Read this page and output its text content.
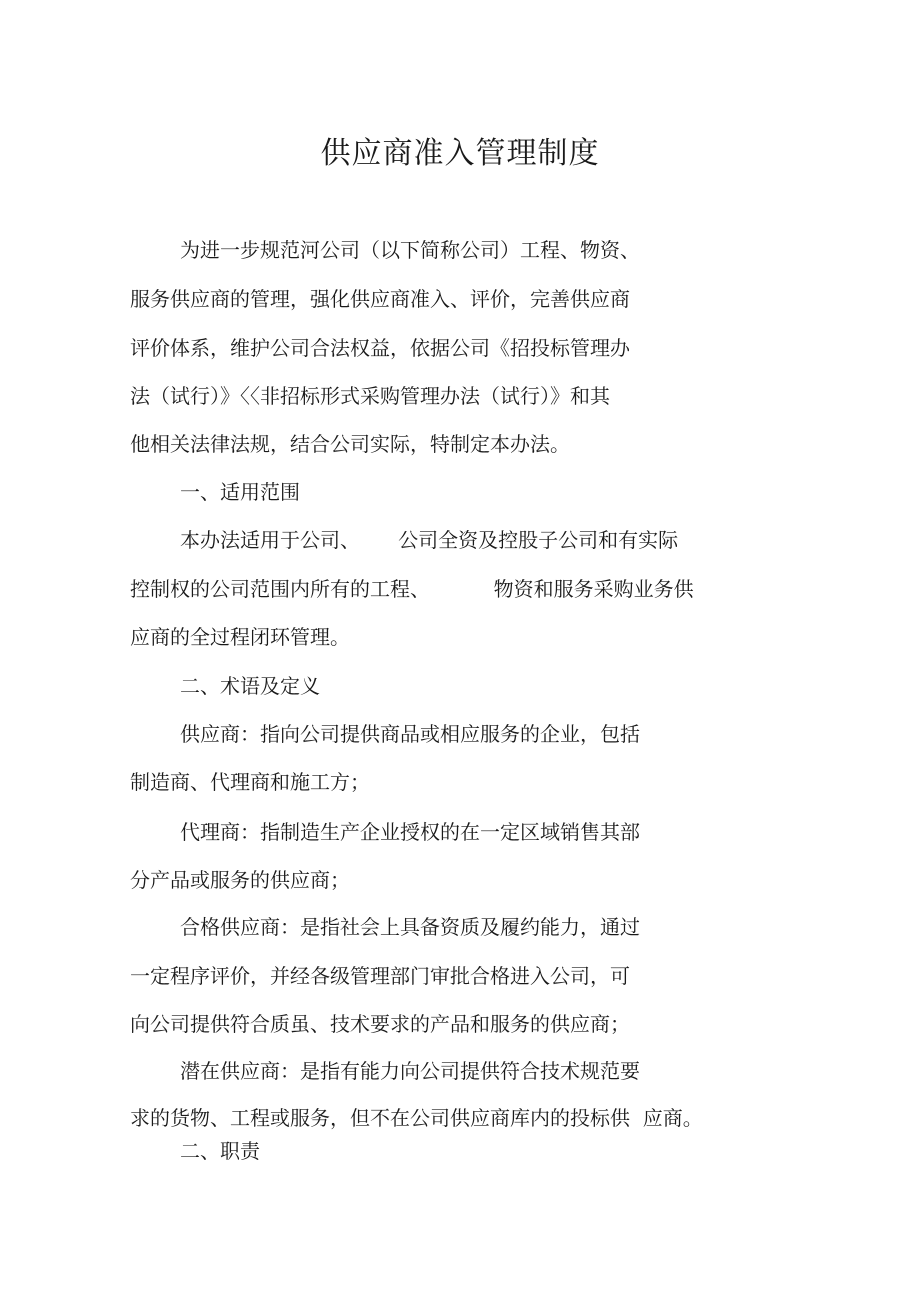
供应商准入管理制度
为进一步规范河公司（以下简称公司）工程、物资、
服务供应商的管理，强化供应商准入、评价，完善供应商
评价体系，维护公司合法权益，依据公司《招投标管理办
法（试行）》〈〈非招标形式采购管理办法（试行）》和其
他相关法律法规，结合公司实际，特制定本办法。
一、适用范围
本办法适用于公司、      公司全资及控股子公司和有实际
控制权的公司范围内所有的工程、          物资和服务采购业务供
应商的全过程闭环管理。
二、术语及定义
供应商：指向公司提供商品或相应服务的企业，包括
制造商、代理商和施工方；
代理商：指制造生产企业授权的在一定区域销售其部
分产品或服务的供应商；
合格供应商：是指社会上具备资质及履约能力，通过
一定程序评价，并经各级管理部门审批合格进入公司，可
向公司提供符合质虽、技术要求的产品和服务的供应商；
潜在供应商：是指有能力向公司提供符合技术规范要
求的货物、工程或服务，但不在公司供应商库内的投标供  应商。
二、职责
